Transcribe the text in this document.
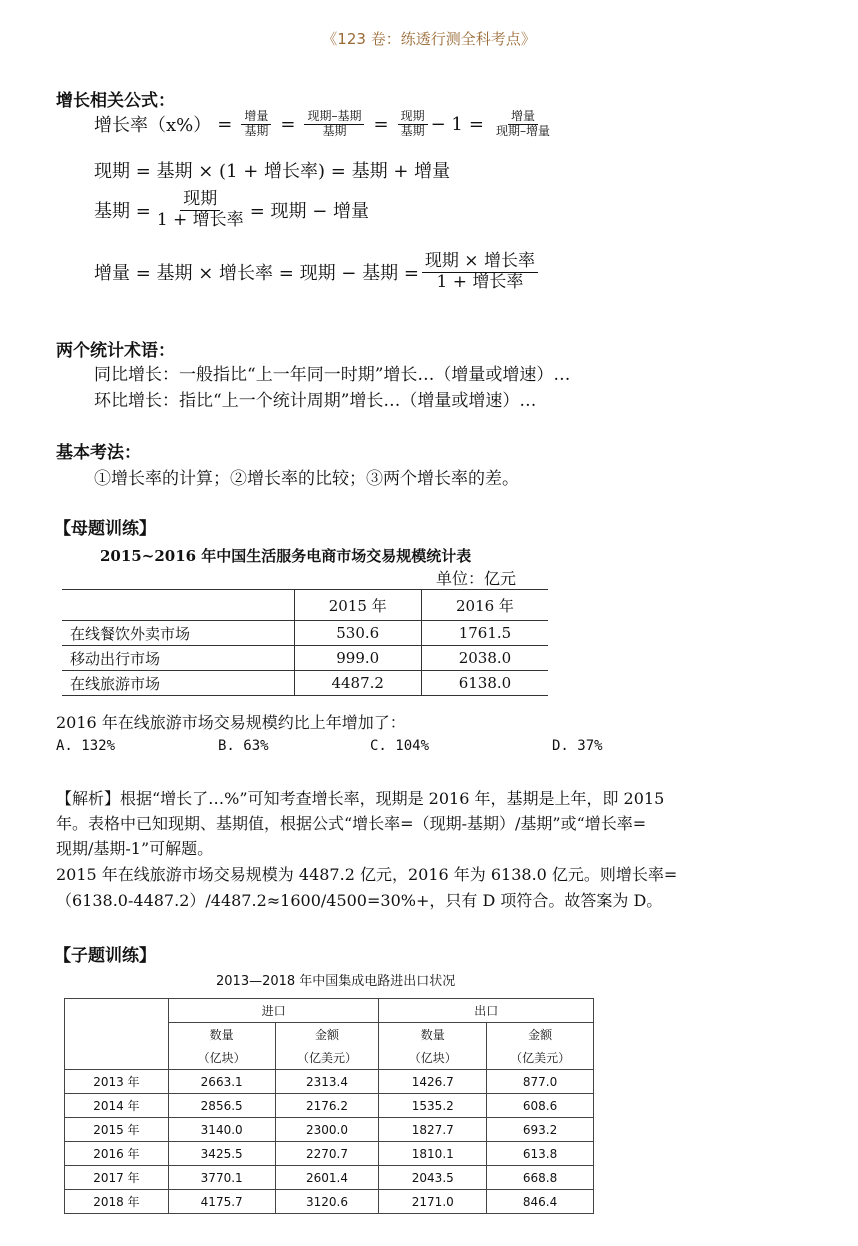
《123 卷：练透行测全科考点》
增长相关公式：
增长率$(x\%) = \frac{\text{增量}}{\text{基期}} = \frac{\text{现期–基期}}{\text{基期}} = \frac{\text{现期}}{\text{基期}} - 1 = \frac{\text{增量}}{\text{现期–增量}}$
现期 = 基期 × (1 + 增长率) = 基期 + 增量
基期 = $\frac{\text{现期}}{\text{1 + 增长率}}$ = 现期 − 增量
增量 = 基期 × 增长率 = 现期 − 基期 = $\frac{\text{现期 × 增长率}}{\text{1 + 增长率}}$
两个统计术语：
同比增长：一般指比“上一年同一时期”增长…（增量或增速）…
环比增长：指比“上一个统计周期”增长…（增量或增速）…
基本考法：
①增长率的计算；②增长率的比较；③两个增长率的差。
【母题训练】
2015~2016 年中国生活服务电商市场交易规模统计表
单位：亿元
	2015 年	2016 年
在线餐饮外卖市场	530.6	1761.5
移动出行市场	999.0	2038.0
在线旅游市场	4487.2	6138.0
2016 年在线旅游市场交易规模约比上年增加了：
A. 132%	B. 63%	C. 104%	D. 37%
【解析】根据“增长了…%”可知考查增长率，现期是 2016 年，基期是上年，即 2015
年。表格中已知现期、基期值，根据公式“增长率=（现期-基期）/基期”或“增长率=
现期/基期-1”可解题。
2015 年在线旅游市场交易规模为 4487.2 亿元，2016 年为 6138.0 亿元。则增长率=
（6138.0-4487.2）/4487.2≈1600/4500=30%+，只有 D 项符合。故答案为 D。
【子题训练】
2013—2018 年中国集成电路进出口状况
	进口		出口	
	数量	金额	数量	金额
	（亿块）	（亿美元）	（亿块）	（亿美元）
2013 年	2663.1	2313.4	1426.7	877.0
2014 年	2856.5	2176.2	1535.2	608.6
2015 年	3140.0	2300.0	1827.7	693.2
2016 年	3425.5	2270.7	1810.1	613.8
2017 年	3770.1	2601.4	2043.5	668.8
2018 年	4175.7	3120.6	2171.0	846.4
